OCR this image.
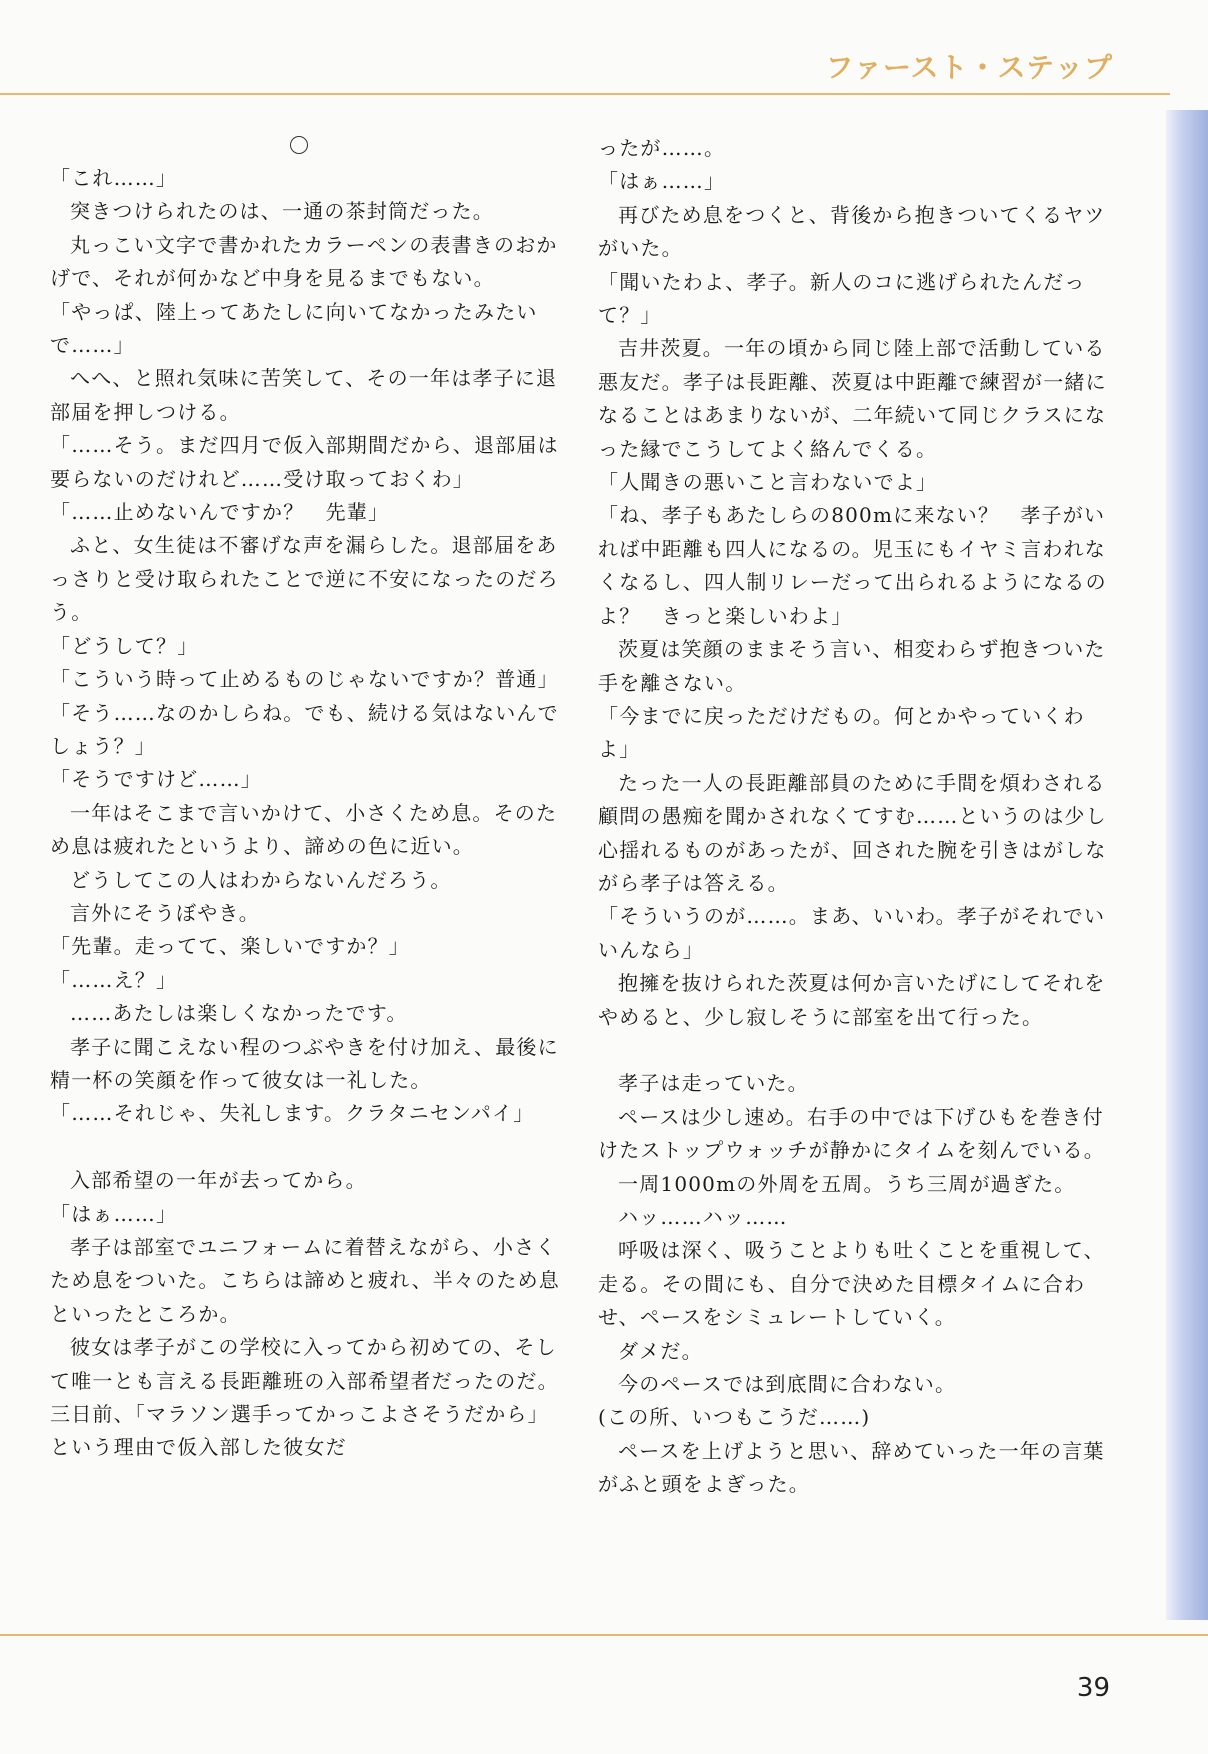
ファースト・ステップ

「これ……」

突きつけられたのは、一通の茶封筒だった。

丸っこい文字で書かれたカラーペンの表書きのおかげで、それが何かなど中身を見るまでもない。

「やっぱ、陸上ってあたしに向いてなかったみたいで……」

へへ、と照れ気味に苦笑して、その一年は孝子に退部届を押しつける。

「……そう。まだ四月で仮入部期間だから、退部届は要らないのだけれど……受け取っておくわ」

「……止めないんですか？　先輩」

ふと、女生徒は不審げな声を漏らした。退部届をあっさりと受け取られたことで逆に不安になったのだろう。

「どうして？」

「こういう時って止めるものじゃないですか？普通」

「そう……なのかしらね。でも、続ける気はないんでしょう？」

「そうですけど……」

一年はそこまで言いかけて、小さくため息。そのため息は疲れたというより、諦めの色に近い。

どうしてこの人はわからないんだろう。

言外にそうぼやき。

「先輩。走ってて、楽しいですか？」

「……え？」

……あたしは楽しくなかったです。

孝子に聞こえない程のつぶやきを付け加え、最後に精一杯の笑顔を作って彼女は一礼した。

「……それじゃ、失礼します。クラタニセンパイ」

入部希望の一年が去ってから。

「はぁ……」

孝子は部室でユニフォームに着替えながら、小さくため息をついた。こちらは諦めと疲れ、半々のため息といったところか。

彼女は孝子がこの学校に入ってから初めての、そして唯一とも言える長距離班の入部希望者だったのだ。三日前、「マラソン選手ってかっこよさそうだから」という理由で仮入部した彼女だ

ったが……。

「はぁ……」

再びため息をつくと、背後から抱きついてくるヤツがいた。

「聞いたわよ、孝子。新人のコに逃げられたんだって？」

吉井茨夏。一年の頃から同じ陸上部で活動している悪友だ。孝子は長距離、茨夏は中距離で練習が一緒になることはあまりないが、二年続いて同じクラスになった縁でこうしてよく絡んでくる。

「人聞きの悪いこと言わないでよ」

「ね、孝子もあたしらの800mに来ない？　孝子がいれば中距離も四人になるの。児玉にもイヤミ言われなくなるし、四人制リレーだって出られるようになるのよ？　きっと楽しいわよ」

茨夏は笑顔のままそう言い、相変わらず抱きついた手を離さない。

「今までに戻っただけだもの。何とかやっていくわよ」

たった一人の長距離部員のために手間を煩わされる顧問の愚痴を聞かされなくてすむ……というのは少し心揺れるものがあったが、回された腕を引きはがしながら孝子は答える。

「そういうのが……。まあ、いいわ。孝子がそれでいいんなら」

抱擁を抜けられた茨夏は何か言いたげにしてそれをやめると、少し寂しそうに部室を出て行った。

孝子は走っていた。

ペースは少し速め。右手の中では下げひもを巻き付けたストップウォッチが静かにタイムを刻んでいる。

一周1000mの外周を五周。うち三周が過ぎた。

ハッ……ハッ……

呼吸は深く、吸うことよりも吐くことを重視して、走る。その間にも、自分で決めた目標タイムに合わせ、ペースをシミュレートしていく。

ダメだ。

今のペースでは到底間に合わない。

(この所、いつもこうだ……)

ペースを上げようと思い、辞めていった一年の言葉がふと頭をよぎった。

39
